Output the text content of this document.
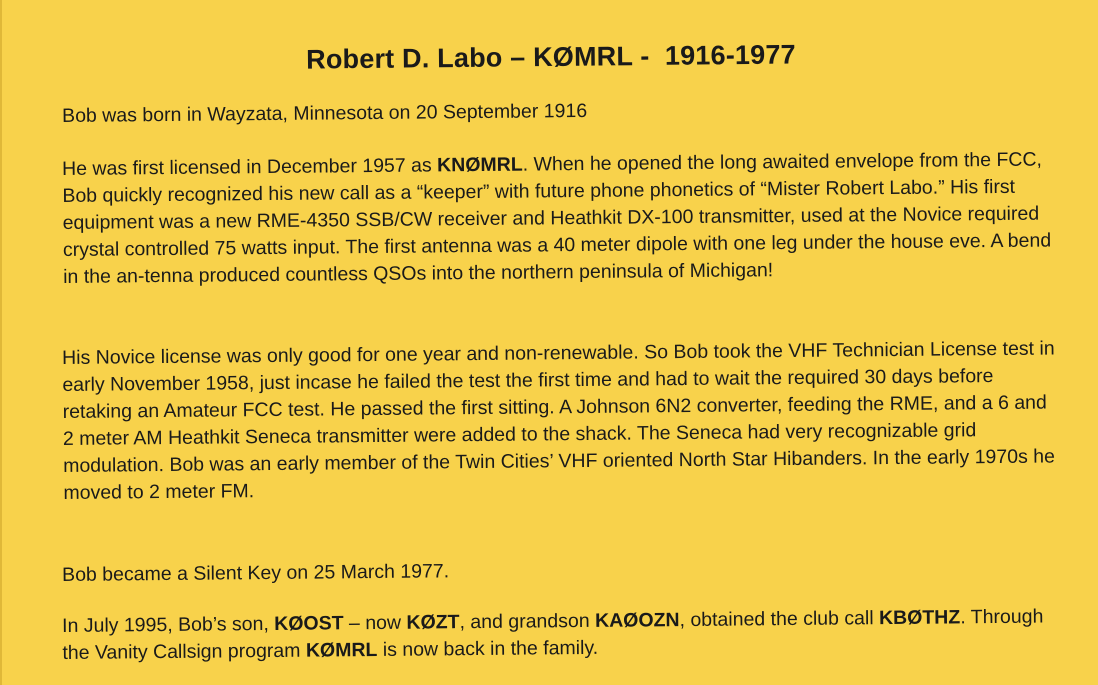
Robert D. Labo – KØMRL -  1916-1977
Bob was born in Wayzata, Minnesota on 20 September 1916
He was first licensed in December 1957 as KNØMRL. When he opened the long awaited envelope from the FCC, Bob quickly recognized his new call as a “keeper” with future phone phonetics of “Mister Robert Labo.” His first equipment was a new RME-4350 SSB/CW receiver and Heathkit DX-100 transmitter, used at the Novice required crystal controlled 75 watts input. The first antenna was a 40 meter dipole with one leg under the house eve. A bend in the an-tenna produced countless QSOs into the northern peninsula of Michigan!
His Novice license was only good for one year and non-renewable. So Bob took the VHF Technician License test in early November 1958, just incase he failed the test the first time and had to wait the required 30 days before retaking an Amateur FCC test. He passed the first sitting. A Johnson 6N2 converter, feeding the RME, and a 6 and 2 meter AM Heathkit Seneca transmitter were added to the shack. The Seneca had very recognizable grid modulation. Bob was an early member of the Twin Cities’ VHF oriented North Star Hibanders. In the early 1970s he moved to 2 meter FM.
Bob became a Silent Key on 25 March 1977.
In July 1995, Bob’s son, KØOST – now KØZT, and grandson KAØOZN, obtained the club call KBØTHZ. Through the Vanity Callsign program KØMRL is now back in the family.
